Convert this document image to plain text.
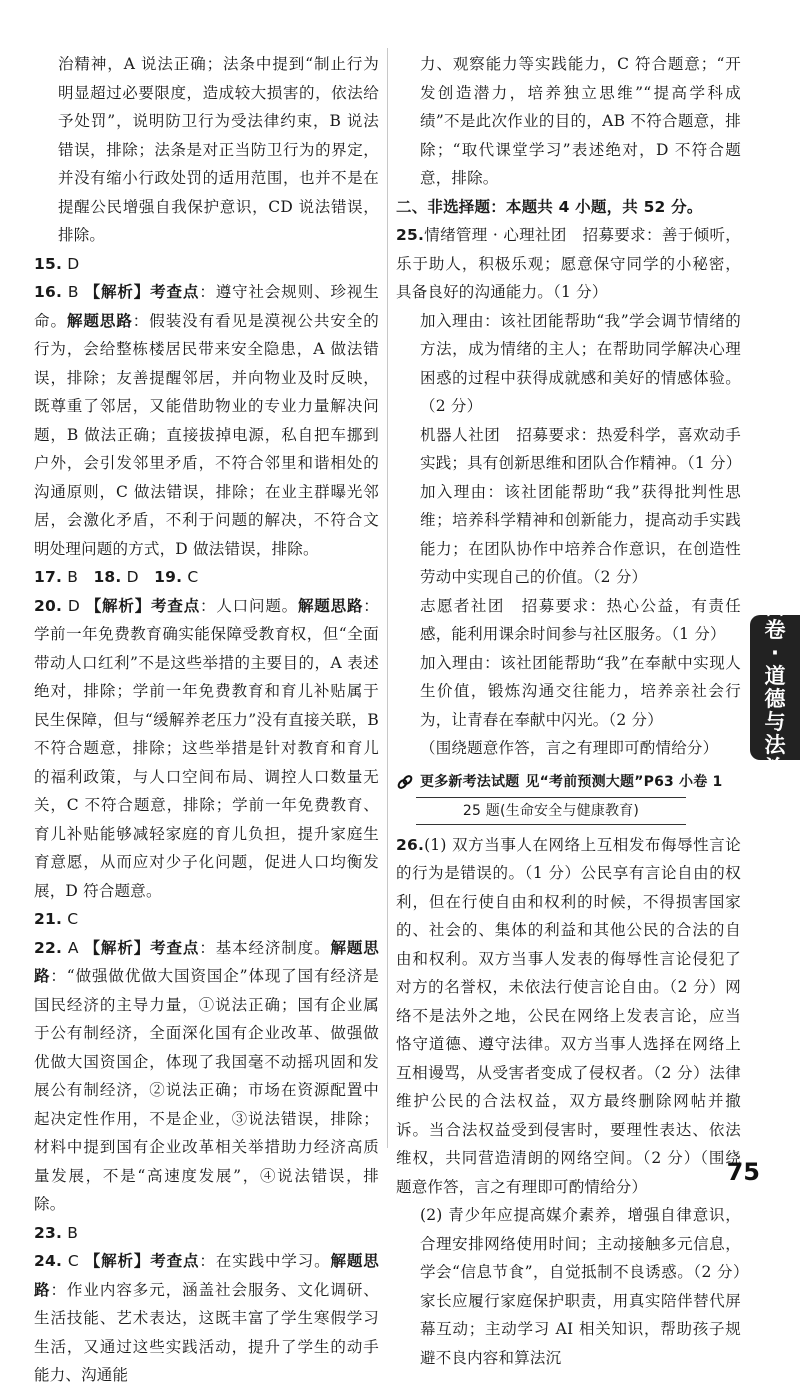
治精神，A 说法正确；法条中提到“制止行为明显超过必要限度，造成较大损害的，依法给予处罚”，说明防卫行为受法律约束，B 说法错误，排除；法条是对正当防卫行为的界定，并没有缩小行政处罚的适用范围，也并不是在提醒公民增强自我保护意识，CD 说法错误，排除。

15. D

16. B 【解析】考查点：遵守社会规则、珍视生命。解题思路：假装没有看见是漠视公共安全的行为，会给整栋楼居民带来安全隐患，A 做法错误，排除；友善提醒邻居，并向物业及时反映，既尊重了邻居，又能借助物业的专业力量解决问题，B 做法正确；直接拔掉电源，私自把车挪到户外，会引发邻里矛盾，不符合邻里和谐相处的沟通原则，C 做法错误，排除；在业主群曝光邻居，会激化矛盾，不利于问题的解决，不符合文明处理问题的方式，D 做法错误，排除。

17. B 18. D 19. C

20. D 【解析】考查点：人口问题。解题思路：学前一年免费教育确实能保障受教育权，但“全面带动人口红利”不是这些举措的主要目的，A 表述绝对，排除；学前一年免费教育和育儿补贴属于民生保障，但与“缓解养老压力”没有直接关联，B 不符合题意，排除；这些举措是针对教育和育儿的福利政策，与人口空间布局、调控人口数量无关，C 不符合题意，排除；学前一年免费教育、育儿补贴能够减轻家庭的育儿负担，提升家庭生育意愿，从而应对少子化问题，促进人口均衡发展，D 符合题意。

21. C

22. A 【解析】考查点：基本经济制度。解题思路：“做强做优做大国资国企”体现了国有经济是国民经济的主导力量，①说法正确；国有企业属于公有制经济，全面深化国有企业改革、做强做优做大国资国企，体现了我国毫不动摇巩固和发展公有制经济，②说法正确；市场在资源配置中起决定性作用，不是企业，③说法错误，排除；材料中提到国有企业改革相关举措助力经济高质量发展，不是“高速度发展”，④说法错误，排除。

23. B

24. C 【解析】考查点：在实践中学习。解题思路：作业内容多元，涵盖社会服务、文化调研、生活技能、艺术表达，这既丰富了学生寒假学习生活，又通过这些实践活动，提升了学生的动手能力、沟通能

力、观察能力等实践能力，C 符合题意；“开发创造潜力，培养独立思维”“提高学科成绩”不是此次作业的目的，AB 不符合题意，排除；“取代课堂学习”表述绝对，D 不符合题意，排除。

二、非选择题：本题共 4 小题，共 52 分。

25.情绪管理 · 心理社团　招募要求：善于倾听，乐于助人，积极乐观；愿意保守同学的小秘密，具备良好的沟通能力。（1 分）

加入理由：该社团能帮助“我”学会调节情绪的方法，成为情绪的主人；在帮助同学解决心理困惑的过程中获得成就感和美好的情感体验。（2 分）

机器人社团　招募要求：热爱科学，喜欢动手实践；具有创新思维和团队合作精神。（1 分）

加入理由：该社团能帮助“我”获得批判性思维；培养科学精神和创新能力，提高动手实践能力；在团队协作中培养合作意识，在创造性劳动中实现自己的价值。（2 分）

志愿者社团　招募要求：热心公益，有责任感，能利用课余时间参与社区服务。（1 分）

加入理由：该社团能帮助“我”在奉献中实现人生价值，锻炼沟通交往能力，培养亲社会行为，让青春在奉献中闪光。（2 分）

（围绕题意作答，言之有理即可酌情给分）

更多新考法试题 见“考前预测大题”P63 小卷 1
25 题(生命安全与健康教育)

26.(1) 双方当事人在网络上互相发布侮辱性言论的行为是错误的。（1 分）公民享有言论自由的权利，但在行使自由和权利的时候，不得损害国家的、社会的、集体的利益和其他公民的合法的自由和权利。双方当事人发表的侮辱性言论侵犯了对方的名誉权，未依法行使言论自由。（2 分）网络不是法外之地，公民在网络上发表言论，应当恪守道德、遵守法律。双方当事人选择在网络上互相谩骂，从受害者变成了侵权者。（2 分）法律维护公民的合法权益，双方最终删除网帖并撤诉。当合法权益受到侵害时，要理性表达、依法维权，共同营造清朗的网络空间。（2 分）（围绕题意作答，言之有理即可酌情给分）

(2) 青少年应提高媒介素养，增强自律意识，合理安排网络使用时间；主动接触多元信息，学会“信息节食”，自觉抵制不良诱惑。（2 分）家长应履行家庭保护职责，用真实陪伴替代屏幕互动；主动学习 AI 相关知识，帮助孩子规避不良内容和算法沉

白
卷
·
道
德
与
法
治
75
